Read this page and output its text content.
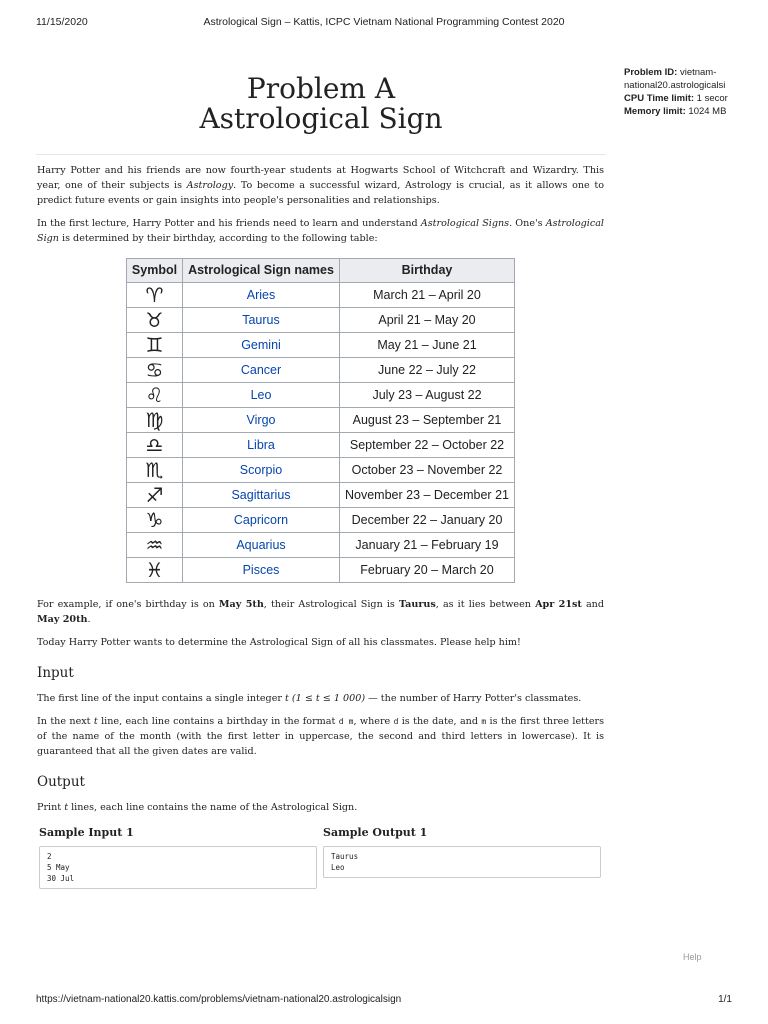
11/15/2020	Astrological Sign – Kattis, ICPC Vietnam National Programming Contest 2020
Problem ID: vietnam-
national20.astrologicalsi
CPU Time limit: 1 secor
Memory limit: 1024 MB
Problem A
Astrological Sign

Harry Potter and his friends are now fourth-year students at Hogwarts School of Witchcraft and Wizardry. This year, one of their subjects is Astrology. To become a successful wizard, Astrology is crucial, as it allows one to predict future events or gain insights into people's personalities and relationships.

In the first lecture, Harry Potter and his friends need to learn and understand Astrological Signs. One's Astrological Sign is determined by their birthday, according to the following table:

Symbol	Astrological Sign names	Birthday
♈︎	Aries	March 21 – April 20
♉︎	Taurus	April 21 – May 20
♊︎	Gemini	May 21 – June 21
♋︎	Cancer	June 22 – July 22
♌︎	Leo	July 23 – August 22
♍︎	Virgo	August 23 – September 21
♎︎	Libra	September 22 – October 22
♏︎	Scorpio	October 23 – November 22
♐︎	Sagittarius	November 23 – December 21
♑︎	Capricorn	December 22 – January 20
♒︎	Aquarius	January 21 – February 19
♓︎	Pisces	February 20 – March 20

For example, if one's birthday is on May 5th, their Astrological Sign is Taurus, as it lies between Apr 21st and May 20th.

Today Harry Potter wants to determine the Astrological Sign of all his classmates. Please help him!

Input

The first line of the input contains a single integer t (1 ≤ t ≤ 1 000) — the number of Harry Potter's classmates.

In the next t line, each line contains a birthday in the format d m, where d is the date, and m is the first three letters of the name of the month (with the first letter in uppercase, the second and third letters in lowercase). It is guaranteed that all the given dates are valid.

Output

Print t lines, each line contains the name of the Astrological Sign.

Sample Input 1
2
5 May
30 Jul
Sample Output 1
Taurus
Leo
Help
https://vietnam-national20.kattis.com/problems/vietnam-national20.astrologicalsign	1/1
